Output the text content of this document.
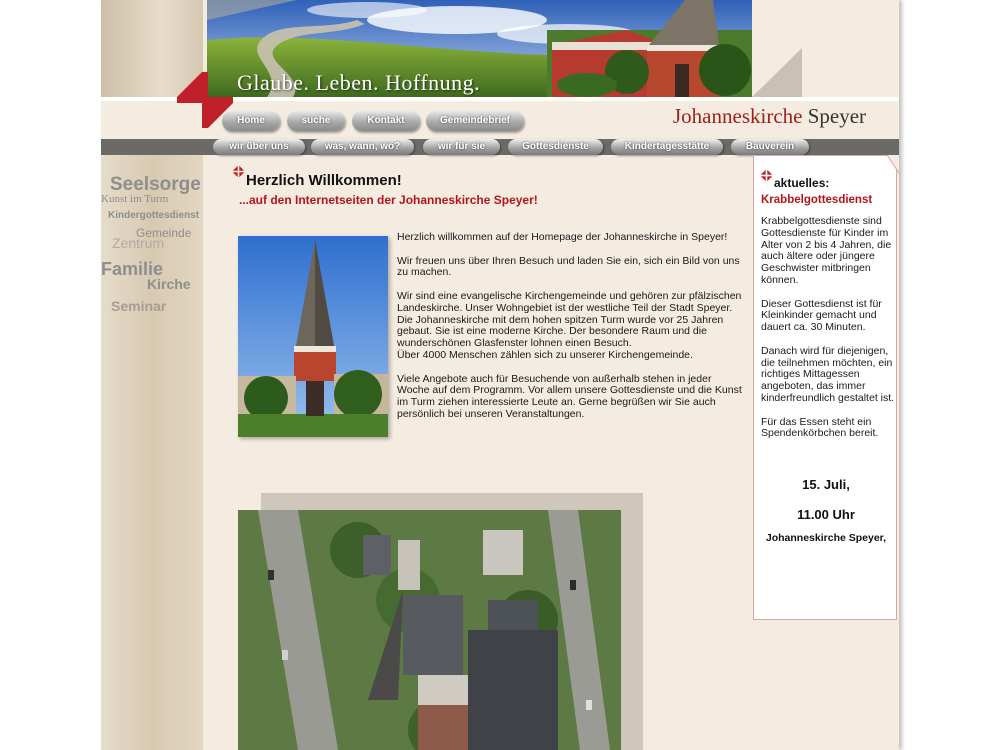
Glaube. Leben. Hoffnung.
Johanneskirche Speyer
Home	suche	Kontakt	Gemeindebrief
wir über uns	was, wann, wo?	wir für sie	Gottesdienste	Kindertagesstätte	Bauverein
Seelsorge
Kunst im Turm
Kindergottesdienst
Gemeinde
Zentrum
Familie
Kirche
Seminar
Herzlich Willkommen!
...auf den Internetseiten der Johanneskirche Speyer!

Herzlich willkommen auf der Homepage der Johanneskirche in Speyer!

Wir freuen uns über Ihren Besuch und laden Sie ein, sich ein Bild von uns zu machen.

Wir sind eine evangelische Kirchengemeinde und gehören zur pfälzischen Landeskirche. Unser Wohngebiet ist der westliche Teil der Stadt Speyer.
Die Johanneskirche mit dem hohen spitzen Turm wurde vor 25 Jahren gebaut. Sie ist eine moderne Kirche. Der besondere Raum und die wunderschönen Glasfenster lohnen einen Besuch.

Über 4000 Menschen zählen sich zu unserer Kirchengemeinde.

Viele Angebote auch für Besuchende von außerhalb stehen in jeder Woche auf dem Programm. Vor allem unsere Gottesdienste und die Kunst im Turm ziehen interessierte Leute an. Gerne begrüßen wir Sie auch persönlich bei unseren Veranstaltungen.

aktuelles:
Krabbelgottesdienst

Krabbelgottesdienste sind Gottesdienste für Kinder im Alter von 2 bis 4 Jahren, die auch ältere oder jüngere Geschwister mitbringen können.

Dieser Gottesdienst ist für Kleinkinder gemacht und dauert ca. 30 Minuten.

Danach wird für diejenigen, die teilnehmen möchten, ein richtiges Mittagessen angeboten, das immer kinderfreundlich gestaltet ist.

Für das Essen steht ein Spendenkörbchen bereit.

15. Juli,
11.00 Uhr
Johanneskirche Speyer,
